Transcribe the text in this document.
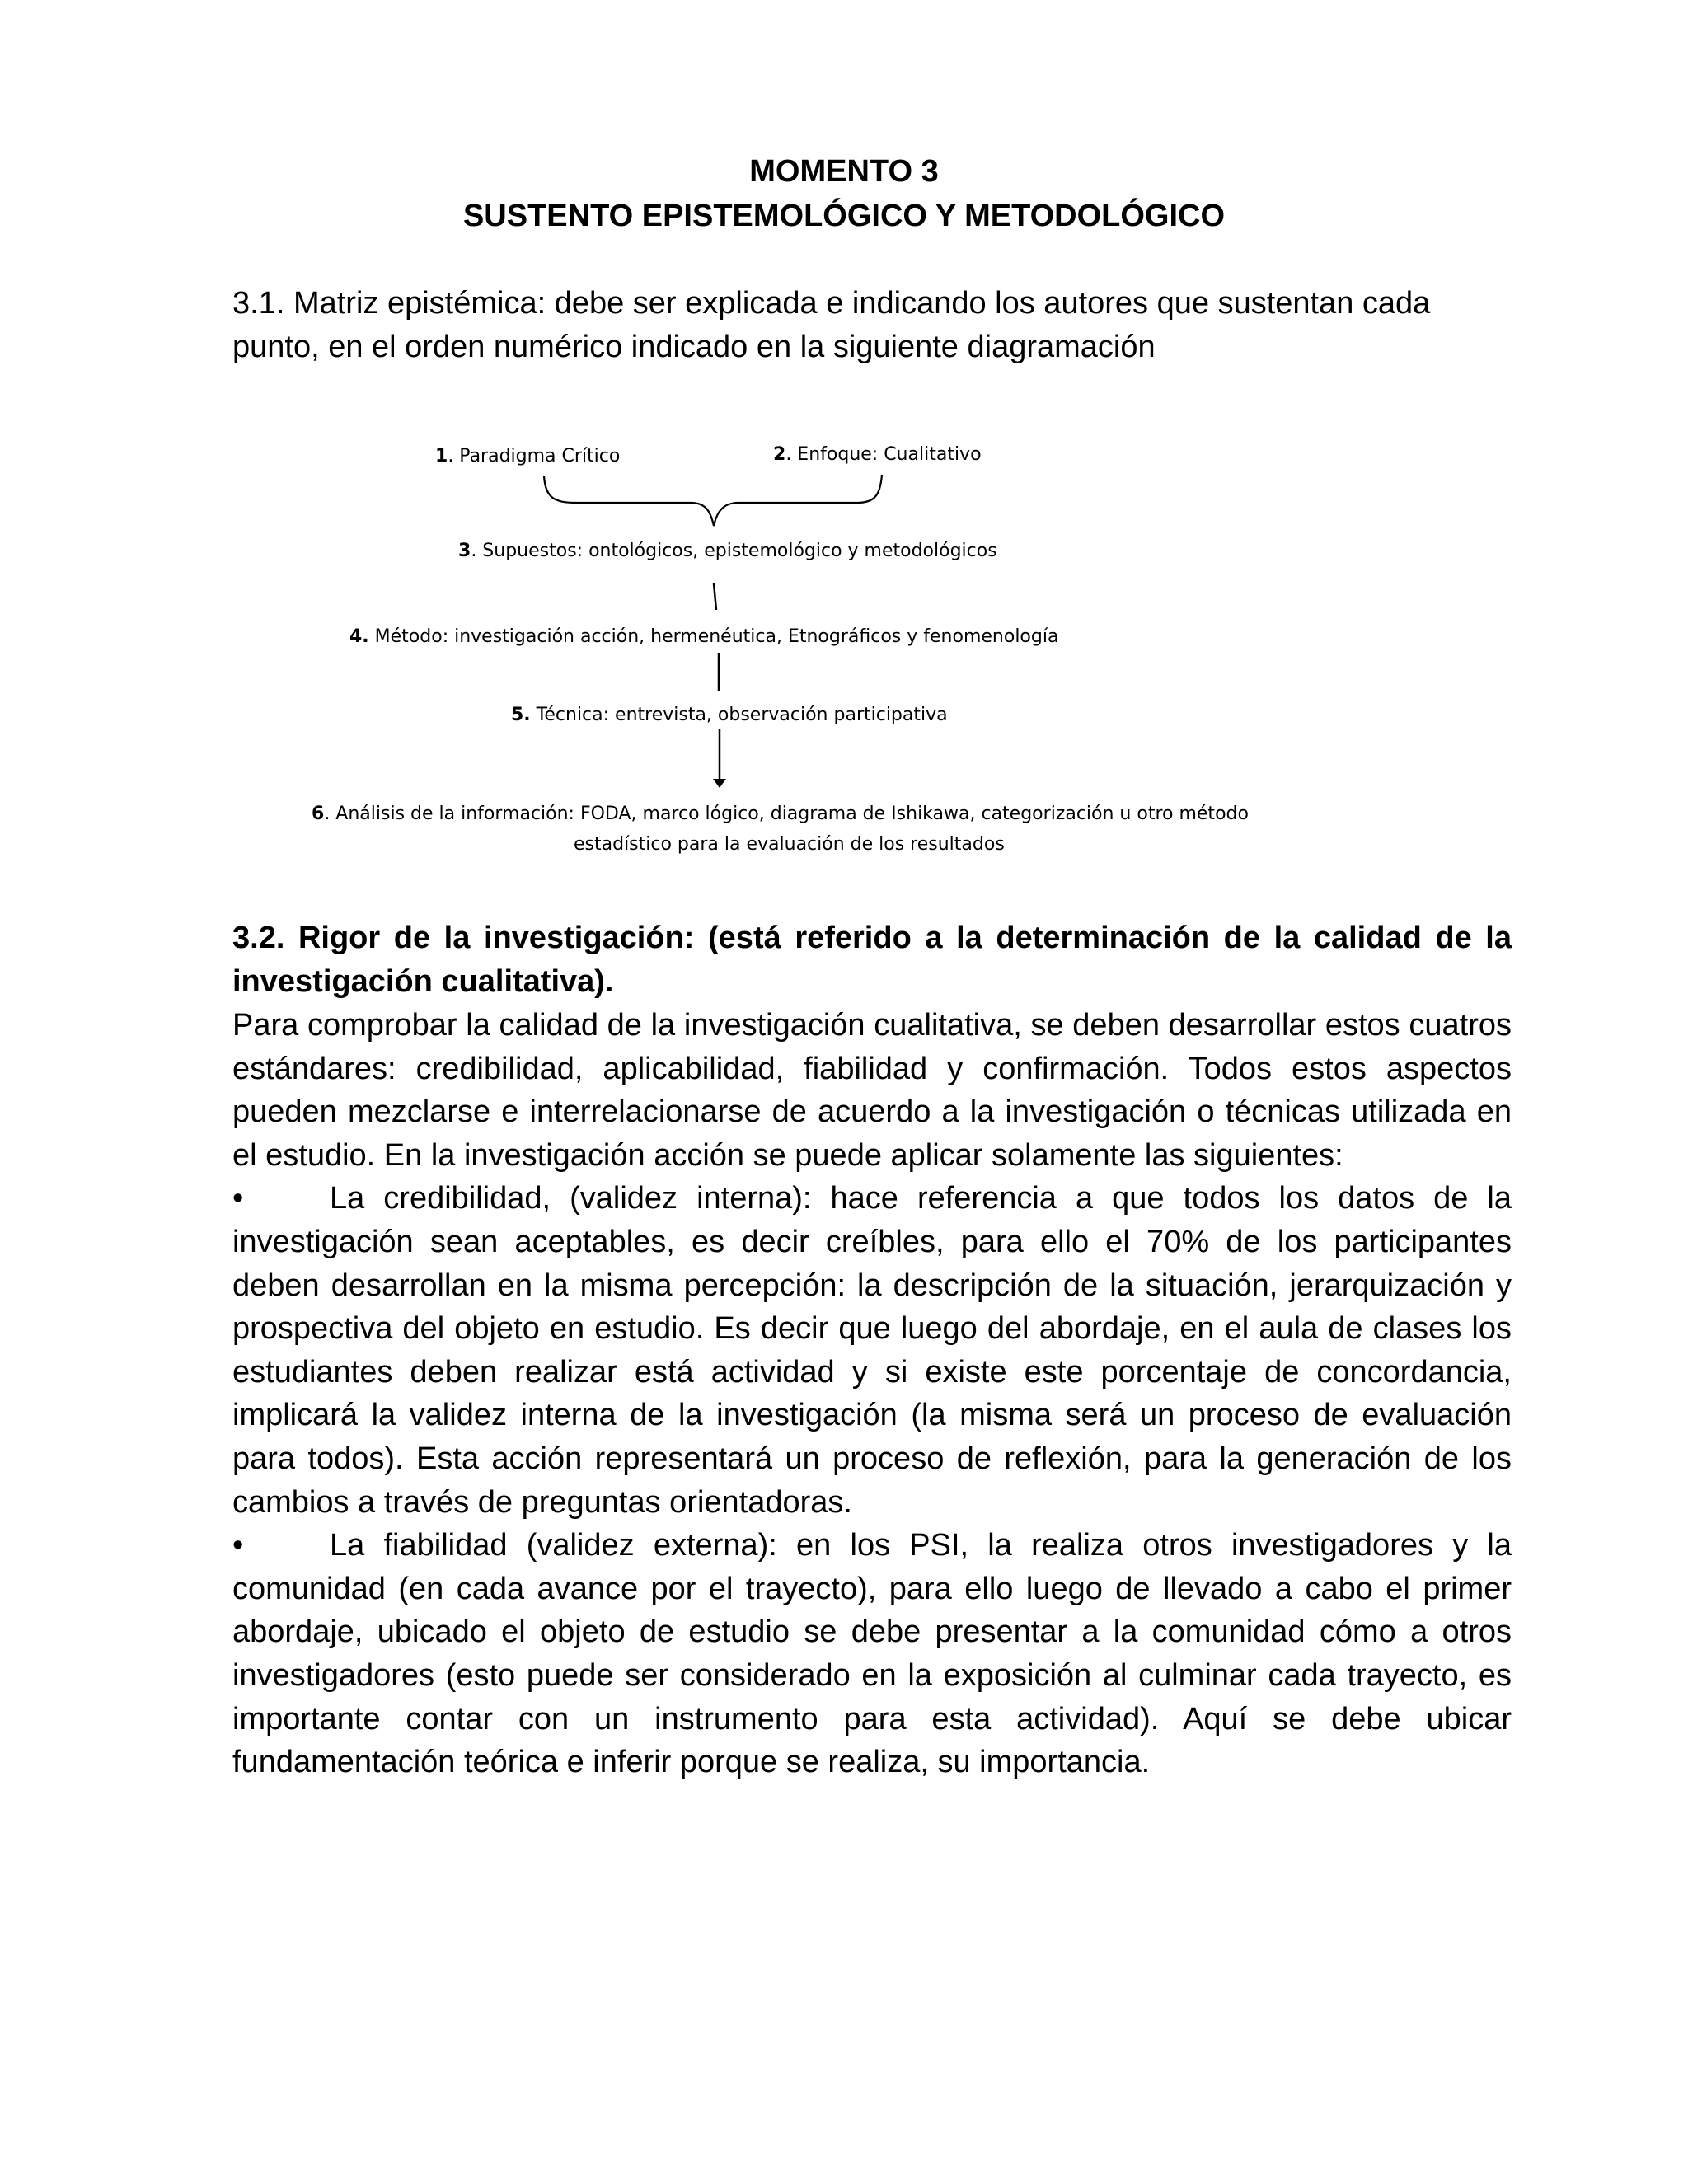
MOMENTO 3
SUSTENTO EPISTEMOLÓGICO Y METODOLÓGICO
3.1. Matriz epistémica: debe ser explicada e indicando los autores que sustentan cada punto, en el orden numérico indicado en la siguiente diagramación
1. Paradigma Crítico	2. Enfoque: Cualitativo
3. Supuestos: ontológicos, epistemológico y metodológicos
4. Método: investigación acción, hermenéutica, Etnográficos y fenomenología
5. Técnica: entrevista, observación participativa
6. Análisis de la información: FODA, marco lógico, diagrama de Ishikawa, categorización u otro método
estadístico para la evaluación de los resultados
3.2. Rigor de la investigación: (está referido a la determinación de la calidad de la investigación cualitativa).

Para comprobar la calidad de la investigación cualitativa, se deben desarrollar estos cuatros estándares: credibilidad, aplicabilidad, fiabilidad y confirmación. Todos estos aspectos pueden mezclarse e interrelacionarse de acuerdo a la investigación o técnicas utilizada en el estudio. En la investigación acción se puede aplicar solamente las siguientes:

•	La credibilidad, (validez interna): hace referencia a que todos los datos de la investigación sean aceptables, es decir creíbles, para ello el 70% de los participantes deben desarrollan en la misma percepción: la descripción de la situación, jerarquización y prospectiva del objeto en estudio. Es decir que luego del abordaje, en el aula de clases los estudiantes deben realizar está actividad y si existe este porcentaje de concordancia, implicará la validez interna de la investigación (la misma será un proceso de evaluación para todos). Esta acción representará un proceso de reflexión, para la generación de los cambios a través de preguntas orientadoras.

•	La fiabilidad (validez externa): en los PSI, la realiza otros investigadores y la comunidad (en cada avance por el trayecto), para ello luego de llevado a cabo el primer abordaje, ubicado el objeto de estudio se debe presentar a la comunidad cómo a otros investigadores (esto puede ser considerado en la exposición al culminar cada trayecto, es importante contar con un instrumento para esta actividad). Aquí se debe ubicar fundamentación teórica e inferir porque se realiza, su importancia.
